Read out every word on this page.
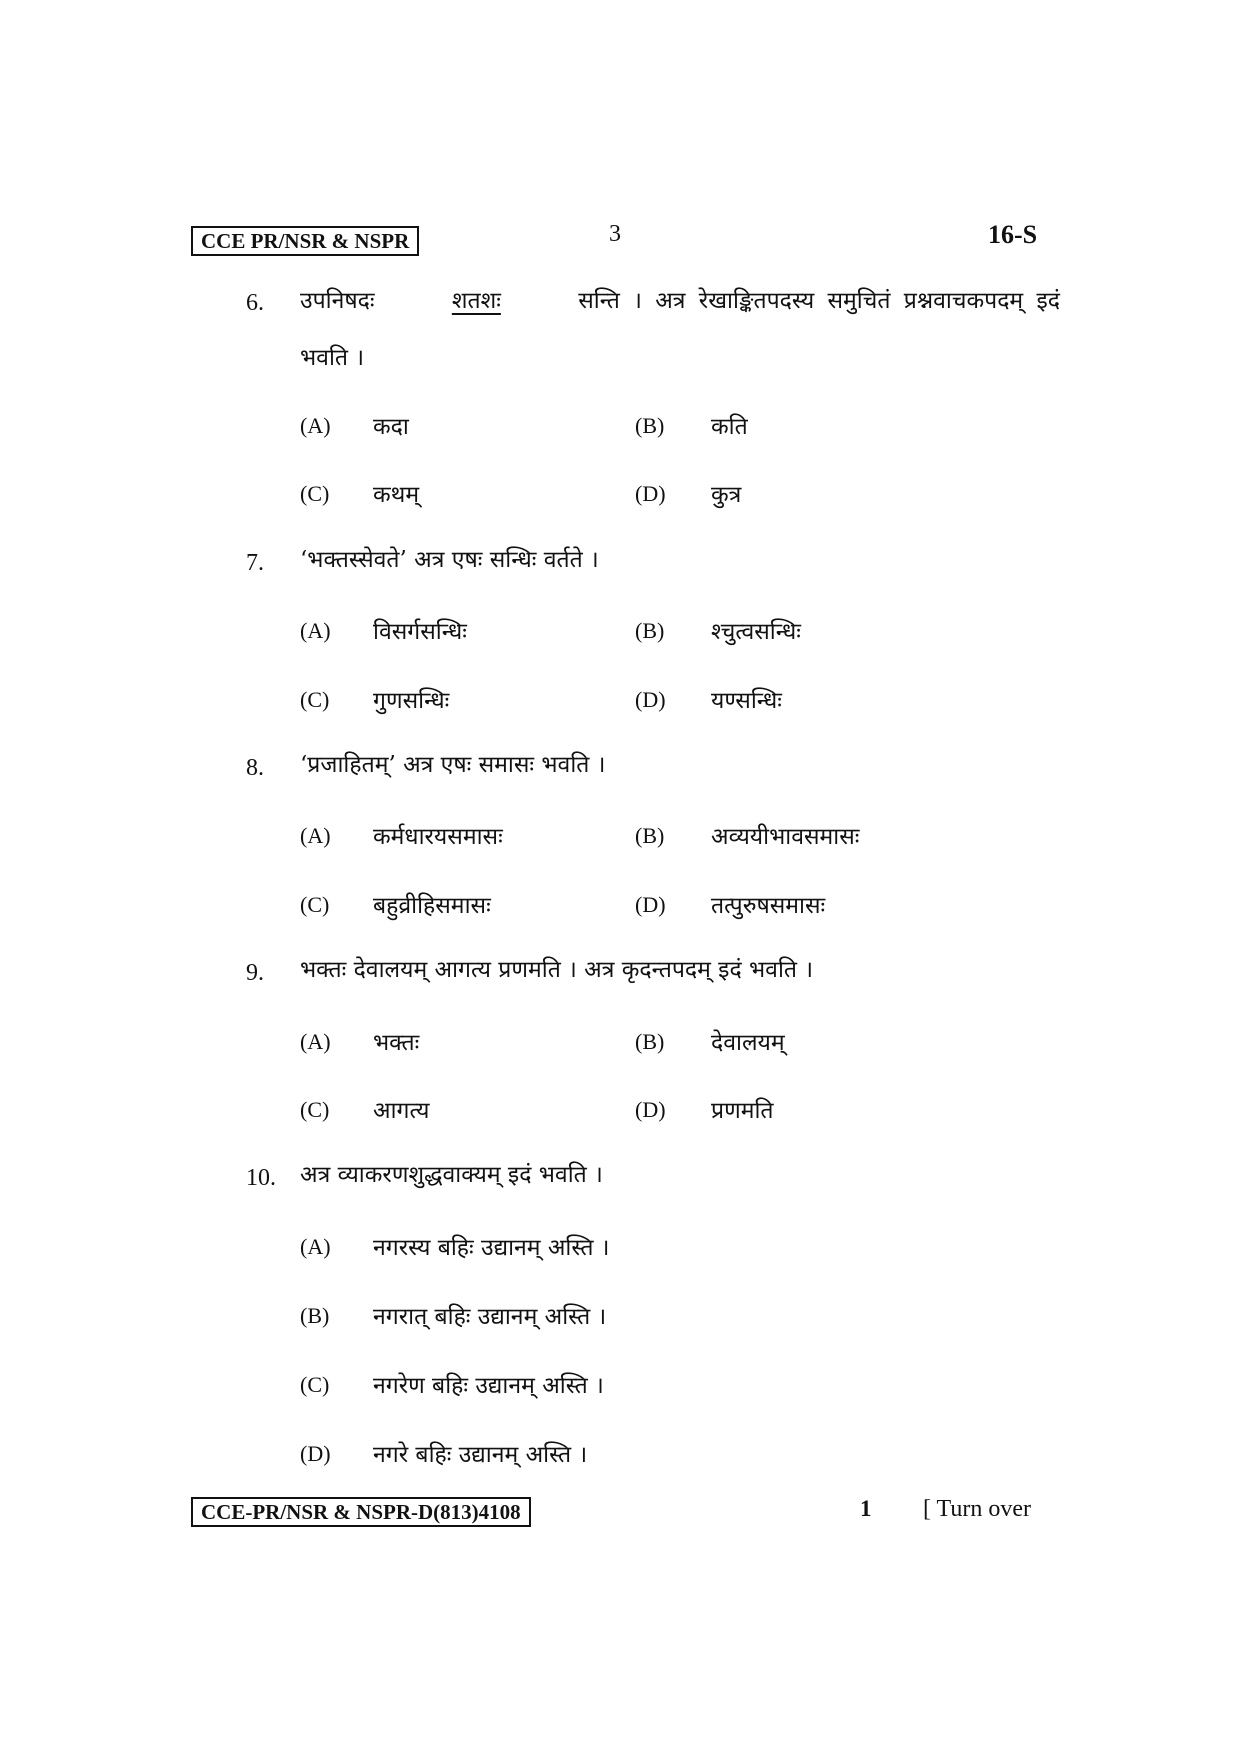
CCE PR/NSR & NSPR	3	16-S
6. उपनिषदः	शतशः	सन्ति । अत्र रेखाङ्कितपदस्य समुचितं प्रश्नवाचकपदम् इदं
भवति ।
(A) कदा	(B) कति
(C) कथम्	(D) कुत्र
7. ‘भक्तस्सेवते’ अत्र एषः सन्धिः वर्तते ।
(A) विसर्गसन्धिः	(B) श्चुत्वसन्धिः
(C) गुणसन्धिः	(D) यण्सन्धिः
8. ‘प्रजाहितम्’ अत्र एषः समासः भवति ।
(A) कर्मधारयसमासः	(B) अव्ययीभावसमासः
(C) बहुव्रीहिसमासः	(D) तत्पुरुषसमासः
9. भक्तः देवालयम् आगत्य प्रणमति । अत्र कृदन्तपदम् इदं भवति ।
(A) भक्तः	(B) देवालयम्
(C) आगत्य	(D) प्रणमति
10. अत्र व्याकरणशुद्धवाक्यम् इदं भवति ।
(A) नगरस्य बहिः उद्यानम् अस्ति ।
(B) नगरात् बहिः उद्यानम् अस्ति ।
(C) नगरेण बहिः उद्यानम् अस्ति ।
(D) नगरे बहिः उद्यानम् अस्ति ।
CCE-PR/NSR & NSPR-D(813)4108	1 [ Turn over
